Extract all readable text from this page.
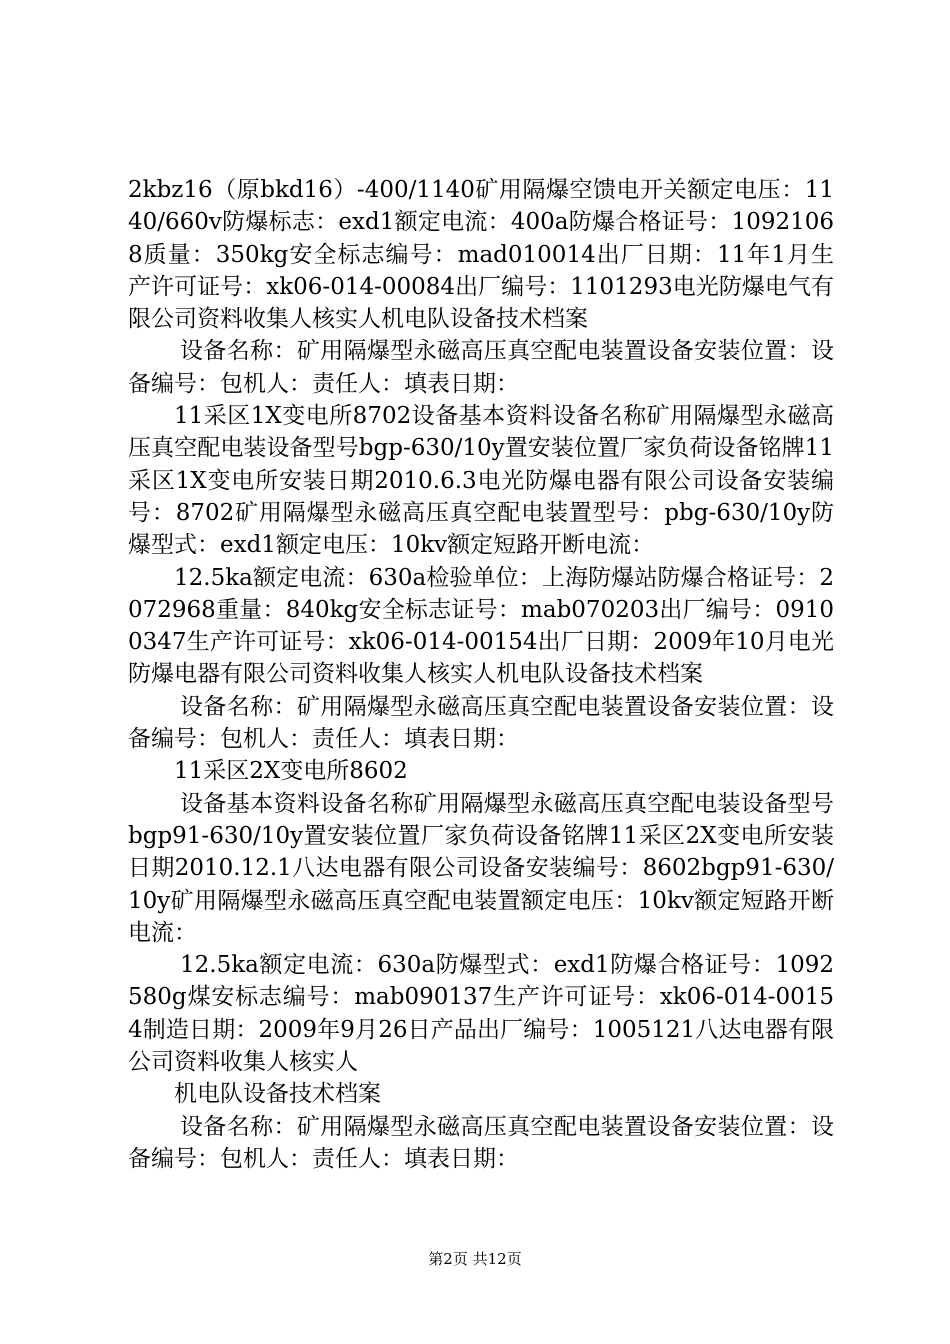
2kbz16（原bkd16）-400/1140矿用隔爆空馈电开关额定电压：1140/660v防爆标志：exd1额定电流：400a防爆合格证号：10921068质量：350kg安全标志编号：mad010014出厂日期：11年1月生产许可证号：xk06-014-00084出厂编号：1101293电光防爆电气有限公司资料收集人核实人机电队设备技术档案

设备名称：矿用隔爆型永磁高压真空配电装置设备安装位置：设备编号：包机人：责任人：填表日期：

11采区1X变电所8702设备基本资料设备名称矿用隔爆型永磁高压真空配电装设备型号bgp-630/10y置安装位置厂家负荷设备铭牌11采区1X变电所安装日期2010.6.3电光防爆电器有限公司设备安装编号：8702矿用隔爆型永磁高压真空配电装置型号：pbg-630/10y防爆型式：exd1额定电压：10kv额定短路开断电流：

12.5ka额定电流：630a检验单位：上海防爆站防爆合格证号：2072968重量：840kg安全标志证号：mab070203出厂编号：09100347生产许可证号：xk06-014-00154出厂日期：2009年10月电光防爆电器有限公司资料收集人核实人机电队设备技术档案

设备名称：矿用隔爆型永磁高压真空配电装置设备安装位置：设备编号：包机人：责任人：填表日期：

11采区2X变电所8602

设备基本资料设备名称矿用隔爆型永磁高压真空配电装设备型号bgp91-630/10y置安装位置厂家负荷设备铭牌11采区2X变电所安装日期2010.12.1八达电器有限公司设备安装编号：8602bgp91-630/10y矿用隔爆型永磁高压真空配电装置额定电压：10kv额定短路开断电流：

12.5ka额定电流：630a防爆型式：exd1防爆合格证号：1092580g煤安标志编号：mab090137生产许可证号：xk06-014-00154制造日期：2009年9月26日产品出厂编号：1005121八达电器有限公司资料收集人核实人

机电队设备技术档案

设备名称：矿用隔爆型永磁高压真空配电装置设备安装位置：设备编号：包机人：责任人：填表日期：

第2页 共12页
